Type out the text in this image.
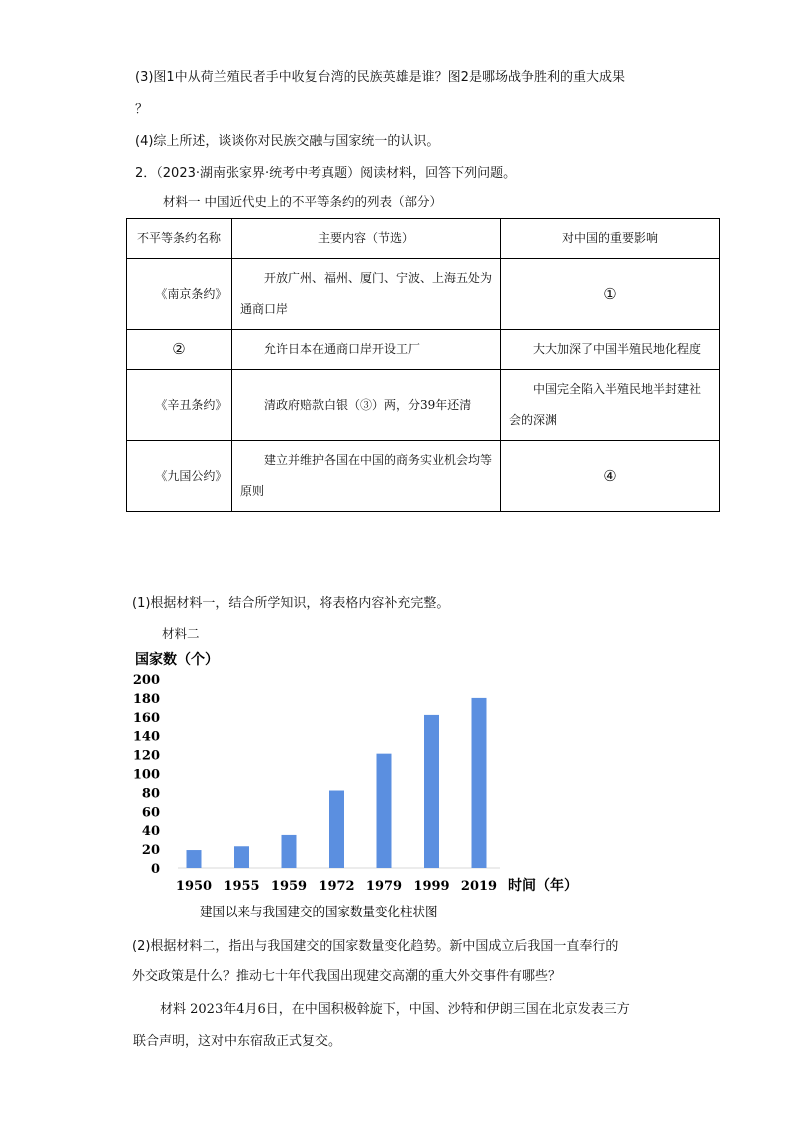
(3)图1中从荷兰殖民者手中收复台湾的民族英雄是谁？图2是哪场战争胜利的重大成果
？
(4)综上所述，谈谈你对民族交融与国家统一的认识。
2．（2023·湖南张家界·统考中考真题）阅读材料，回答下列问题。
材料一 中国近代史上的不平等条约的列表（部分）
不平等条约名称	主要内容（节选）	对中国的重要影响
《南京条约》	开放广州、福州、厦门、宁波、上海五处为通商口岸	①
②	允许日本在通商口岸开设工厂	大大加深了中国半殖民地化程度
《辛丑条约》	清政府赔款白银（③）两，分39年还清	中国完全陷入半殖民地半封建社会的深渊
《九国公约》	建立并维护各国在中国的商务实业机会均等原则	④
(1)根据材料一，结合所学知识，将表格内容补充完整。
材料二
国家数（个）
0
20
40
60
80
100
120
140
160
180
200
1950 1955 1959 1972 1979 1999 2019 时间（年）
建国以来与我国建交的国家数量变化柱状图
(2)根据材料二，指出与我国建交的国家数量变化趋势。新中国成立后我国一直奉行的
外交政策是什么？推动七十年代我国出现建交高潮的重大外交事件有哪些？
材料 2023年4月6日，在中国积极斡旋下，中国、沙特和伊朗三国在北京发表三方
联合声明，这对中东宿敌正式复交。
